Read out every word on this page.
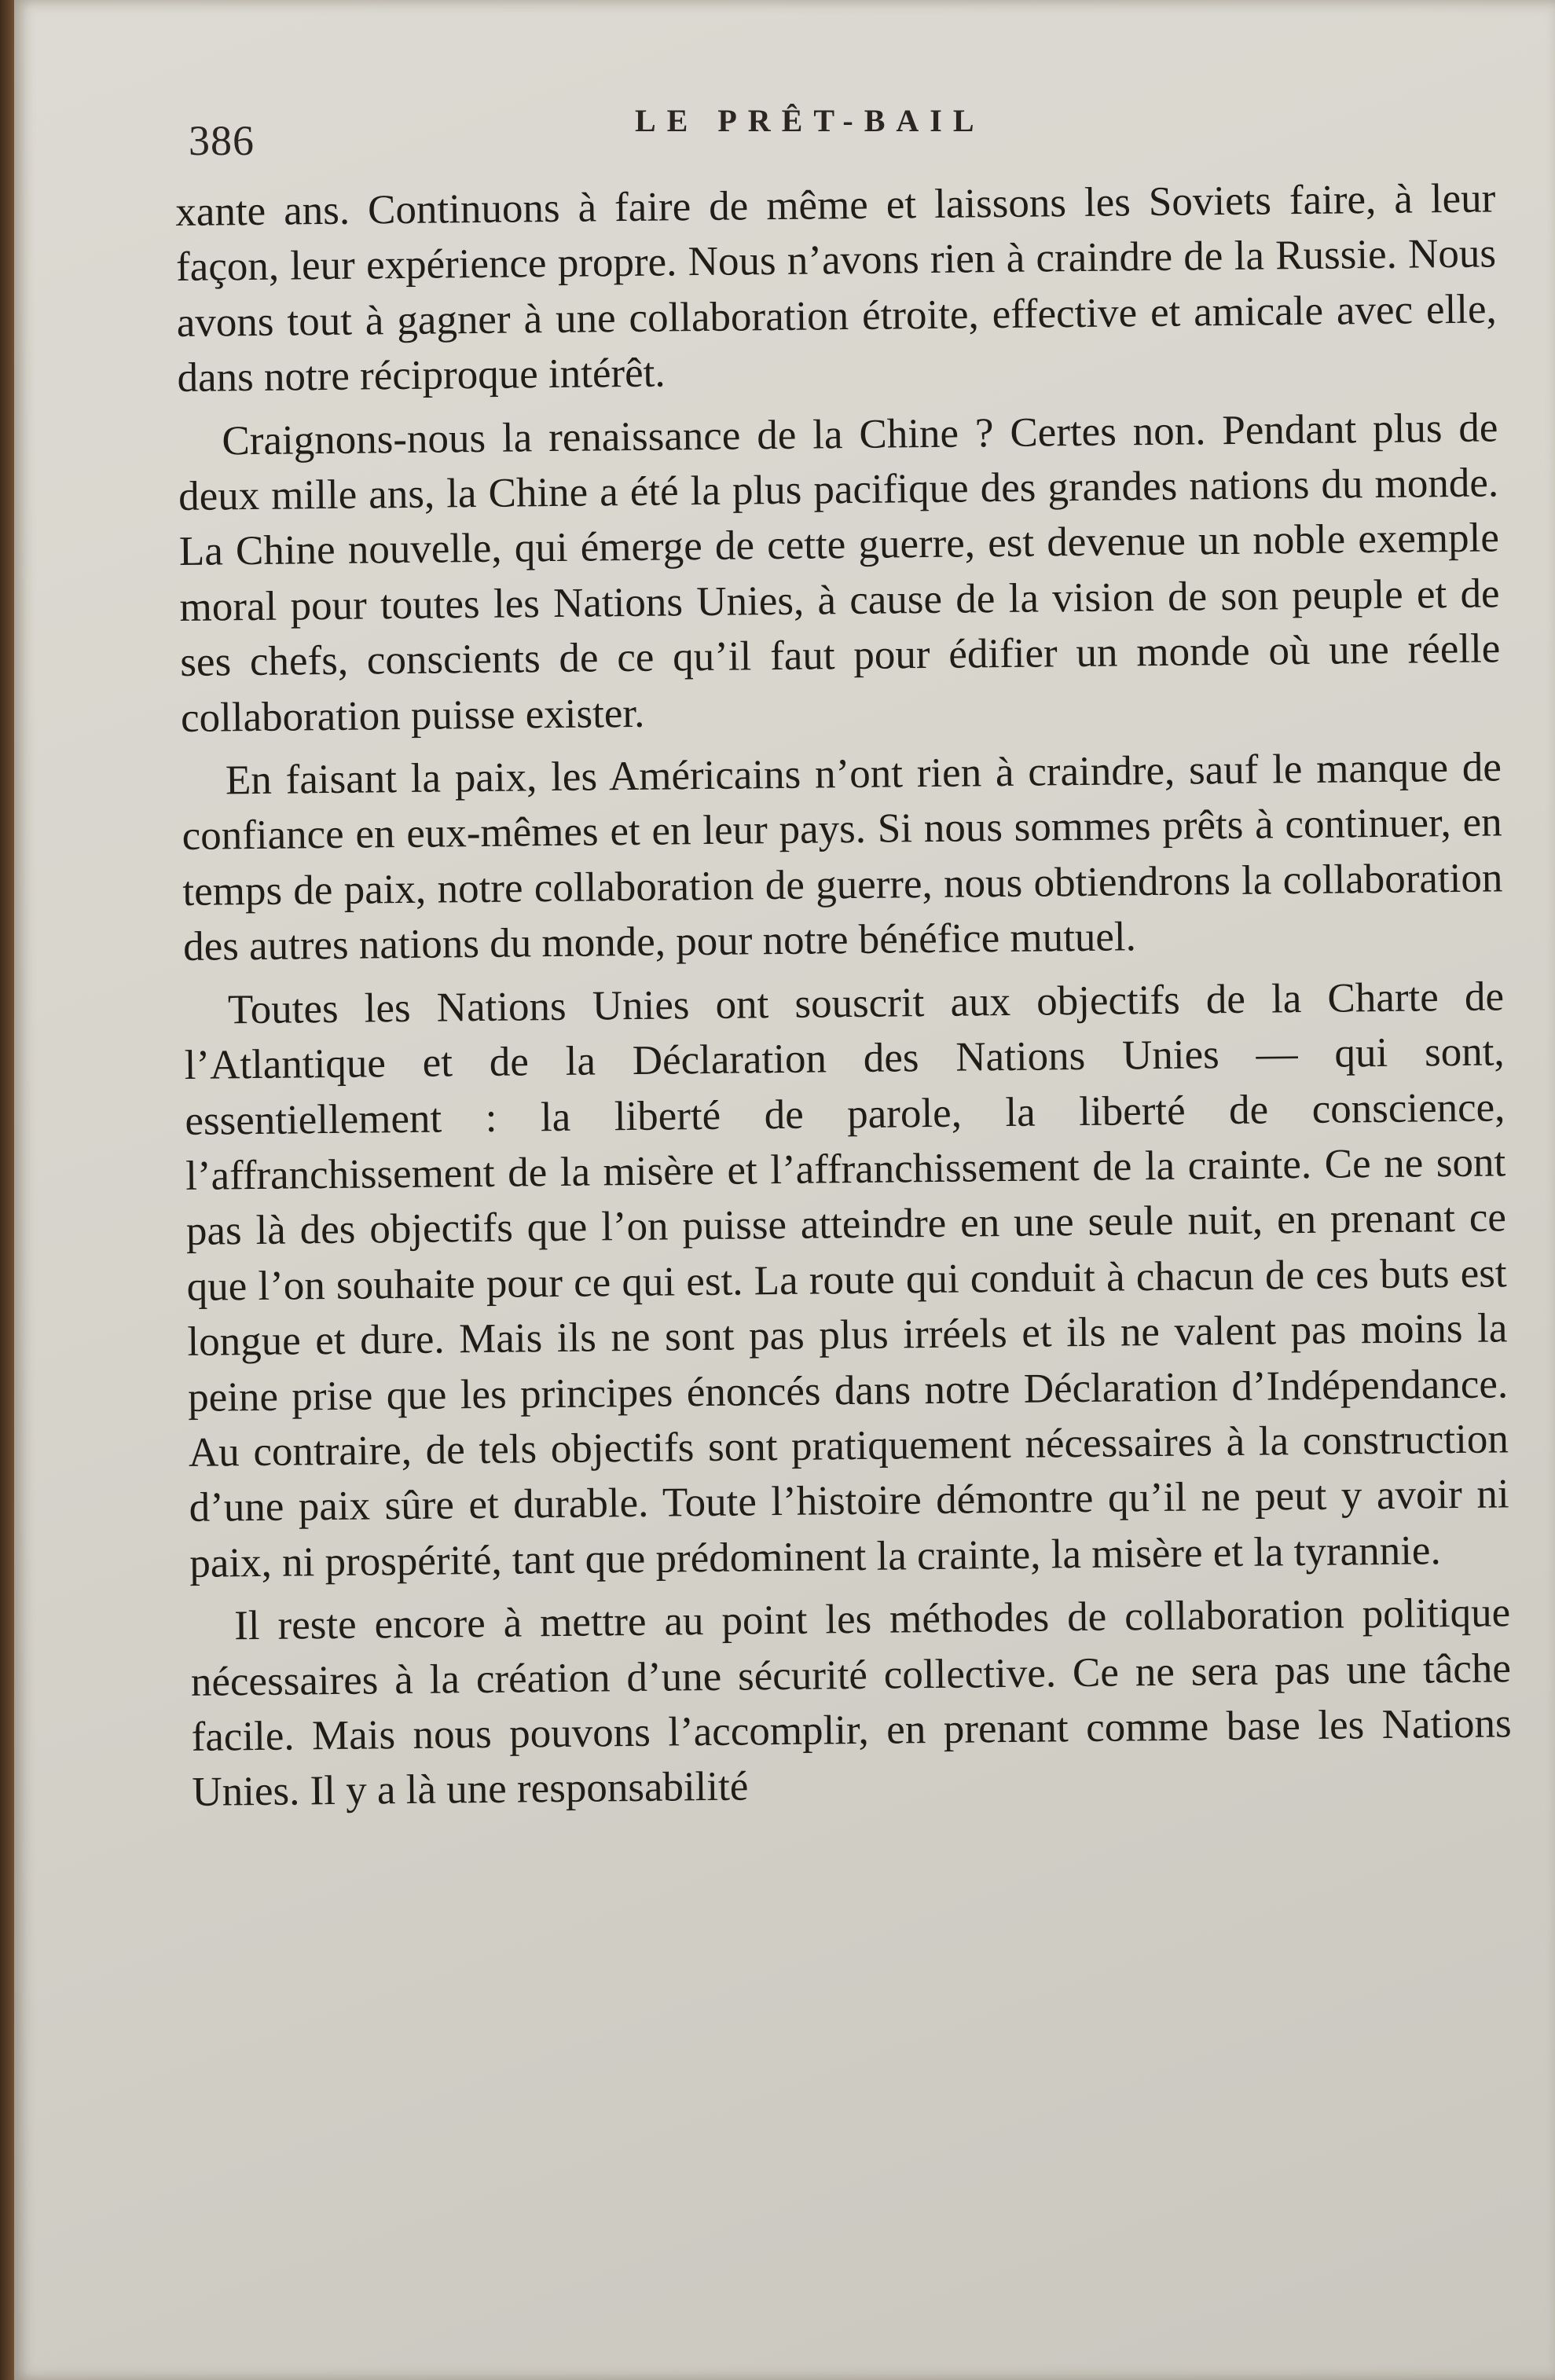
386	LE PRÊT-BAIL

xante ans. Continuons à faire de même et laissons les Soviets faire, à leur façon, leur expérience propre. Nous n’avons rien à craindre de la Russie. Nous avons tout à gagner à une collaboration étroite, effective et amicale avec elle, dans notre réciproque intérêt.

Craignons-nous la renaissance de la Chine ? Certes non. Pendant plus de deux mille ans, la Chine a été la plus pacifique des grandes nations du monde. La Chine nouvelle, qui émerge de cette guerre, est devenue un noble exemple moral pour toutes les Nations Unies, à cause de la vision de son peuple et de ses chefs, conscients de ce qu’il faut pour édifier un monde où une réelle collaboration puisse exister.

En faisant la paix, les Américains n’ont rien à craindre, sauf le manque de confiance en eux-mêmes et en leur pays. Si nous sommes prêts à continuer, en temps de paix, notre collaboration de guerre, nous obtiendrons la collaboration des autres nations du monde, pour notre bénéfice mutuel.

Toutes les Nations Unies ont souscrit aux objectifs de la Charte de l’Atlantique et de la Déclaration des Nations Unies — qui sont, essentiellement : la liberté de parole, la liberté de conscience, l’affranchissement de la misère et l’affranchissement de la crainte. Ce ne sont pas là des objectifs que l’on puisse atteindre en une seule nuit, en prenant ce que l’on souhaite pour ce qui est. La route qui conduit à chacun de ces buts est longue et dure. Mais ils ne sont pas plus irréels et ils ne valent pas moins la peine prise que les principes énoncés dans notre Déclaration d’Indépendance. Au contraire, de tels objectifs sont pratiquement nécessaires à la construction d’une paix sûre et durable. Toute l’histoire démontre qu’il ne peut y avoir ni paix, ni prospérité, tant que prédominent la crainte, la misère et la tyrannie.

Il reste encore à mettre au point les méthodes de collaboration politique nécessaires à la création d’une sécurité collective. Ce ne sera pas une tâche facile. Mais nous pouvons l’accomplir, en prenant comme base les Nations Unies. Il y a là une responsabilité
